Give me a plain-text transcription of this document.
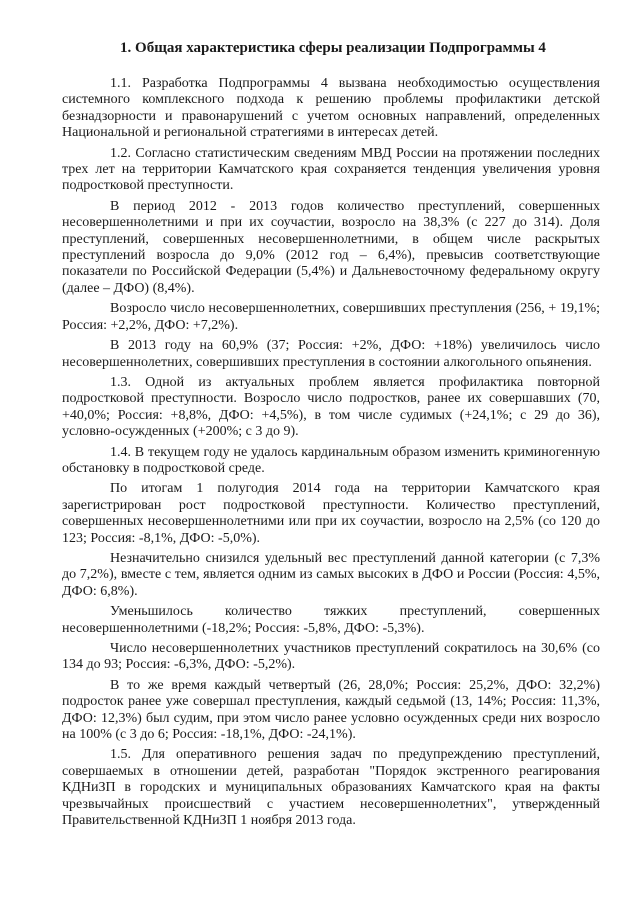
1. Общая характеристика сферы реализации Подпрограммы 4

1.1. Разработка Подпрограммы 4 вызвана необходимостью осуществления системного комплексного подхода к решению проблемы профилактики детской безнадзорности и правонарушений с учетом основных направлений, определенных Национальной и региональной стратегиями в интересах детей.

1.2. Согласно статистическим сведениям МВД России на протяжении последних трех лет на территории Камчатского края сохраняется тенденция увеличения уровня подростковой преступности.

В период 2012 - 2013 годов количество преступлений, совершенных несовершеннолетними и при их соучастии, возросло на 38,3% (с 227 до 314). Доля преступлений, совершенных несовершеннолетними, в общем числе раскрытых преступлений возросла до 9,0% (2012 год – 6,4%), превысив соответствующие показатели по Российской Федерации (5,4%) и Дальневосточному федеральному округу (далее – ДФО) (8,4%).

Возросло число несовершеннолетних, совершивших преступления (256, + 19,1%; Россия: +2,2%, ДФО: +7,2%).

В 2013 году на 60,9% (37; Россия: +2%, ДФО: +18%) увеличилось число несовершеннолетних, совершивших преступления в состоянии алкогольного опьянения.

1.3. Одной из актуальных проблем является профилактика повторной подростковой преступности. Возросло число подростков, ранее их совершавших (70, +40,0%; Россия: +8,8%, ДФО: +4,5%), в том числе судимых (+24,1%; с 29 до 36), условно-осужденных (+200%; с 3 до 9).

1.4. В текущем году не удалось кардинальным образом изменить криминогенную обстановку в подростковой среде.

По итогам 1 полугодия 2014 года на территории Камчатского края зарегистрирован рост подростковой преступности. Количество преступлений, совершенных несовершеннолетними или при их соучастии, возросло на 2,5% (со 120 до 123; Россия: -8,1%, ДФО: -5,0%).

Незначительно снизился удельный вес преступлений данной категории (с 7,3% до 7,2%), вместе с тем, является одним из самых высоких в ДФО и России (Россия: 4,5%, ДФО: 6,8%).

Уменьшилось количество тяжких преступлений, совершенных несовершеннолетними (-18,2%; Россия: -5,8%, ДФО: -5,3%).

Число несовершеннолетних участников преступлений сократилось на 30,6% (со 134 до 93; Россия: -6,3%, ДФО: -5,2%).

В то же время каждый четвертый (26, 28,0%; Россия: 25,2%, ДФО: 32,2%) подросток ранее уже совершал преступления, каждый седьмой (13, 14%; Россия: 11,3%, ДФО: 12,3%) был судим, при этом число ранее условно осужденных среди них возросло на 100% (с 3 до 6; Россия: -18,1%, ДФО: -24,1%).

1.5. Для оперативного решения задач по предупреждению преступлений, совершаемых в отношении детей, разработан "Порядок экстренного реагирования КДНиЗП в городских и муниципальных образованиях Камчатского края на факты чрезвычайных происшествий с участием несовершеннолетних", утвержденный Правительственной КДНиЗП 1 ноября 2013 года.
